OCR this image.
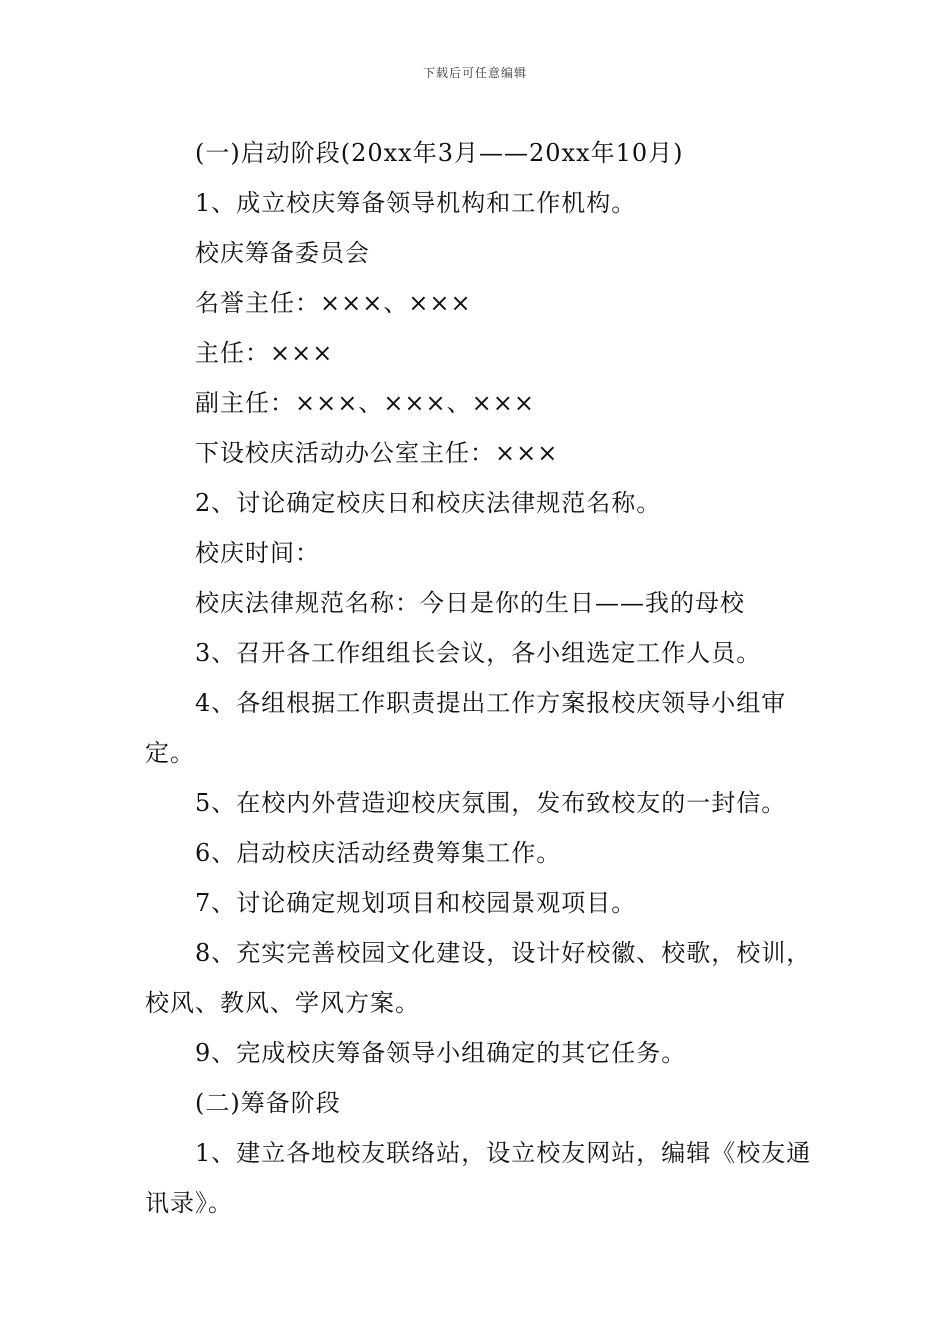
下载后可任意编辑

(一)启动阶段(20xx年3月——20xx年10月)

1、成立校庆筹备领导机构和工作机构。

校庆筹备委员会

名誉主任：×××、×××

主任：×××

副主任：×××、×××、×××

下设校庆活动办公室主任：×××

2、讨论确定校庆日和校庆法律规范名称。

校庆时间：

校庆法律规范名称：今日是你的生日——我的母校

3、召开各工作组组长会议，各小组选定工作人员。

4、各组根据工作职责提出工作方案报校庆领导小组审定。

5、在校内外营造迎校庆氛围，发布致校友的一封信。

6、启动校庆活动经费筹集工作。

7、讨论确定规划项目和校园景观项目。

8、充实完善校园文化建设，设计好校徽、校歌，校训，校风、教风、学风方案。

9、完成校庆筹备领导小组确定的其它任务。

(二)筹备阶段

1、建立各地校友联络站，设立校友网站，编辑《校友通讯录》。
